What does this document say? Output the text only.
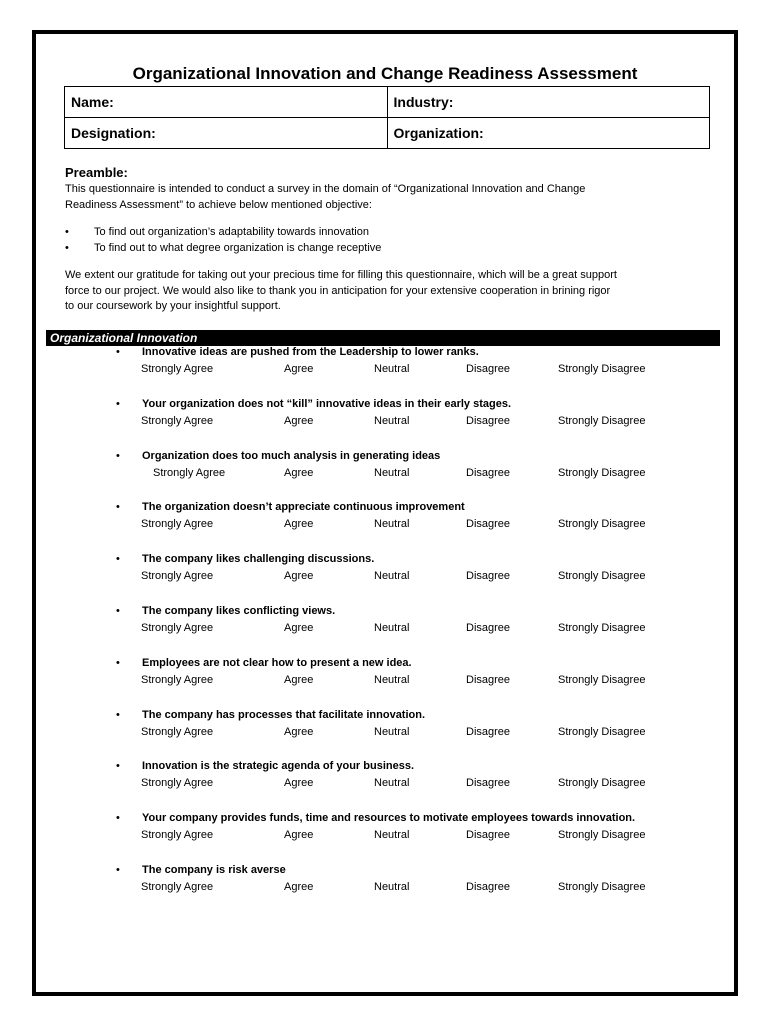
Organizational Innovation and Change Readiness Assessment
Name:	Industry:
Designation:	Organization:
Preamble:

This questionnaire is intended to conduct a survey in the domain of “Organizational Innovation and Change
Readiness Assessment” to achieve below mentioned objective:

• To find out organization’s adaptability towards innovation
• To find out to what degree organization is change receptive

We extent our gratitude for taking out your precious time for filling this questionnaire, which will be a great support
force to our project. We would also like to thank you in anticipation for your extensive cooperation in brining rigor
to our coursework by your insightful support.

Organizational Innovation
• Innovative ideas are pushed from the Leadership to lower ranks.
Strongly Agree	Agree	Neutral	Disagree	Strongly Disagree
• Your organization does not “kill” innovative ideas in their early stages.
Strongly Agree	Agree	Neutral	Disagree	Strongly Disagree
• Organization does too much analysis in generating ideas
Strongly Agree	Agree	Neutral	Disagree	Strongly Disagree
• The organization doesn’t appreciate continuous improvement
Strongly Agree	Agree	Neutral	Disagree	Strongly Disagree
• The company likes challenging discussions.
Strongly Agree	Agree	Neutral	Disagree	Strongly Disagree
• The company likes conflicting views.
Strongly Agree	Agree	Neutral	Disagree	Strongly Disagree
• Employees are not clear how to present a new idea.
Strongly Agree	Agree	Neutral	Disagree	Strongly Disagree
• The company has processes that facilitate innovation.
Strongly Agree	Agree	Neutral	Disagree	Strongly Disagree
• Innovation is the strategic agenda of your business.
Strongly Agree	Agree	Neutral	Disagree	Strongly Disagree
• Your company provides funds, time and resources to motivate employees towards innovation.
Strongly Agree	Agree	Neutral	Disagree	Strongly Disagree
• The company is risk averse
Strongly Agree	Agree	Neutral	Disagree	Strongly Disagree
